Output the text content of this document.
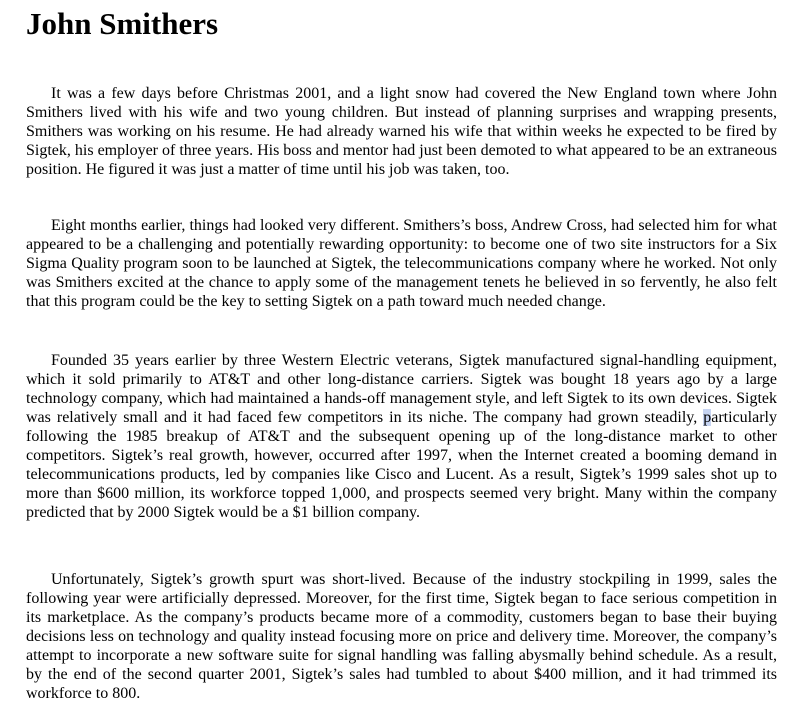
John Smithers

It was a few days before Christmas 2001, and a light snow had covered the New England town where John Smithers lived with his wife and two young children. But instead of planning surprises and wrapping presents, Smithers was working on his resume. He had already warned his wife that within weeks he expected to be fired by Sigtek, his employer of three years. His boss and mentor had just been demoted to what appeared to be an extraneous position. He figured it was just a matter of time until his job was taken, too.

Eight months earlier, things had looked very different. Smithers’s boss, Andrew Cross, had selected him for what appeared to be a challenging and potentially rewarding opportunity: to become one of two site instructors for a Six Sigma Quality program soon to be launched at Sigtek, the telecommunications company where he worked. Not only was Smithers excited at the chance to apply some of the management tenets he believed in so fervently, he also felt that this program could be the key to setting Sigtek on a path toward much needed change.

Founded 35 years earlier by three Western Electric veterans, Sigtek manufactured signal-handling equipment, which it sold primarily to AT&T and other long-distance carriers. Sigtek was bought 18 years ago by a large technology company, which had maintained a hands-off management style, and left Sigtek to its own devices. Sigtek was relatively small and it had faced few competitors in its niche. The company had grown steadily, particularly following the 1985 breakup of AT&T and the subsequent opening up of the long-distance market to other competitors. Sigtek’s real growth, however, occurred after 1997, when the Internet created a booming demand in telecommunications products, led by companies like Cisco and Lucent. As a result, Sigtek’s 1999 sales shot up to more than $600 million, its workforce topped 1,000, and prospects seemed very bright. Many within the company predicted that by 2000 Sigtek would be a $1 billion company.

Unfortunately, Sigtek’s growth spurt was short-lived. Because of the industry stockpiling in 1999, sales the following year were artificially depressed. Moreover, for the first time, Sigtek began to face serious competition in its marketplace. As the company’s products became more of a commodity, customers began to base their buying decisions less on technology and quality instead focusing more on price and delivery time. Moreover, the company’s attempt to incorporate a new software suite for signal handling was falling abysmally behind schedule. As a result, by the end of the second quarter 2001, Sigtek’s sales had tumbled to about $400 million, and it had trimmed its workforce to 800.
